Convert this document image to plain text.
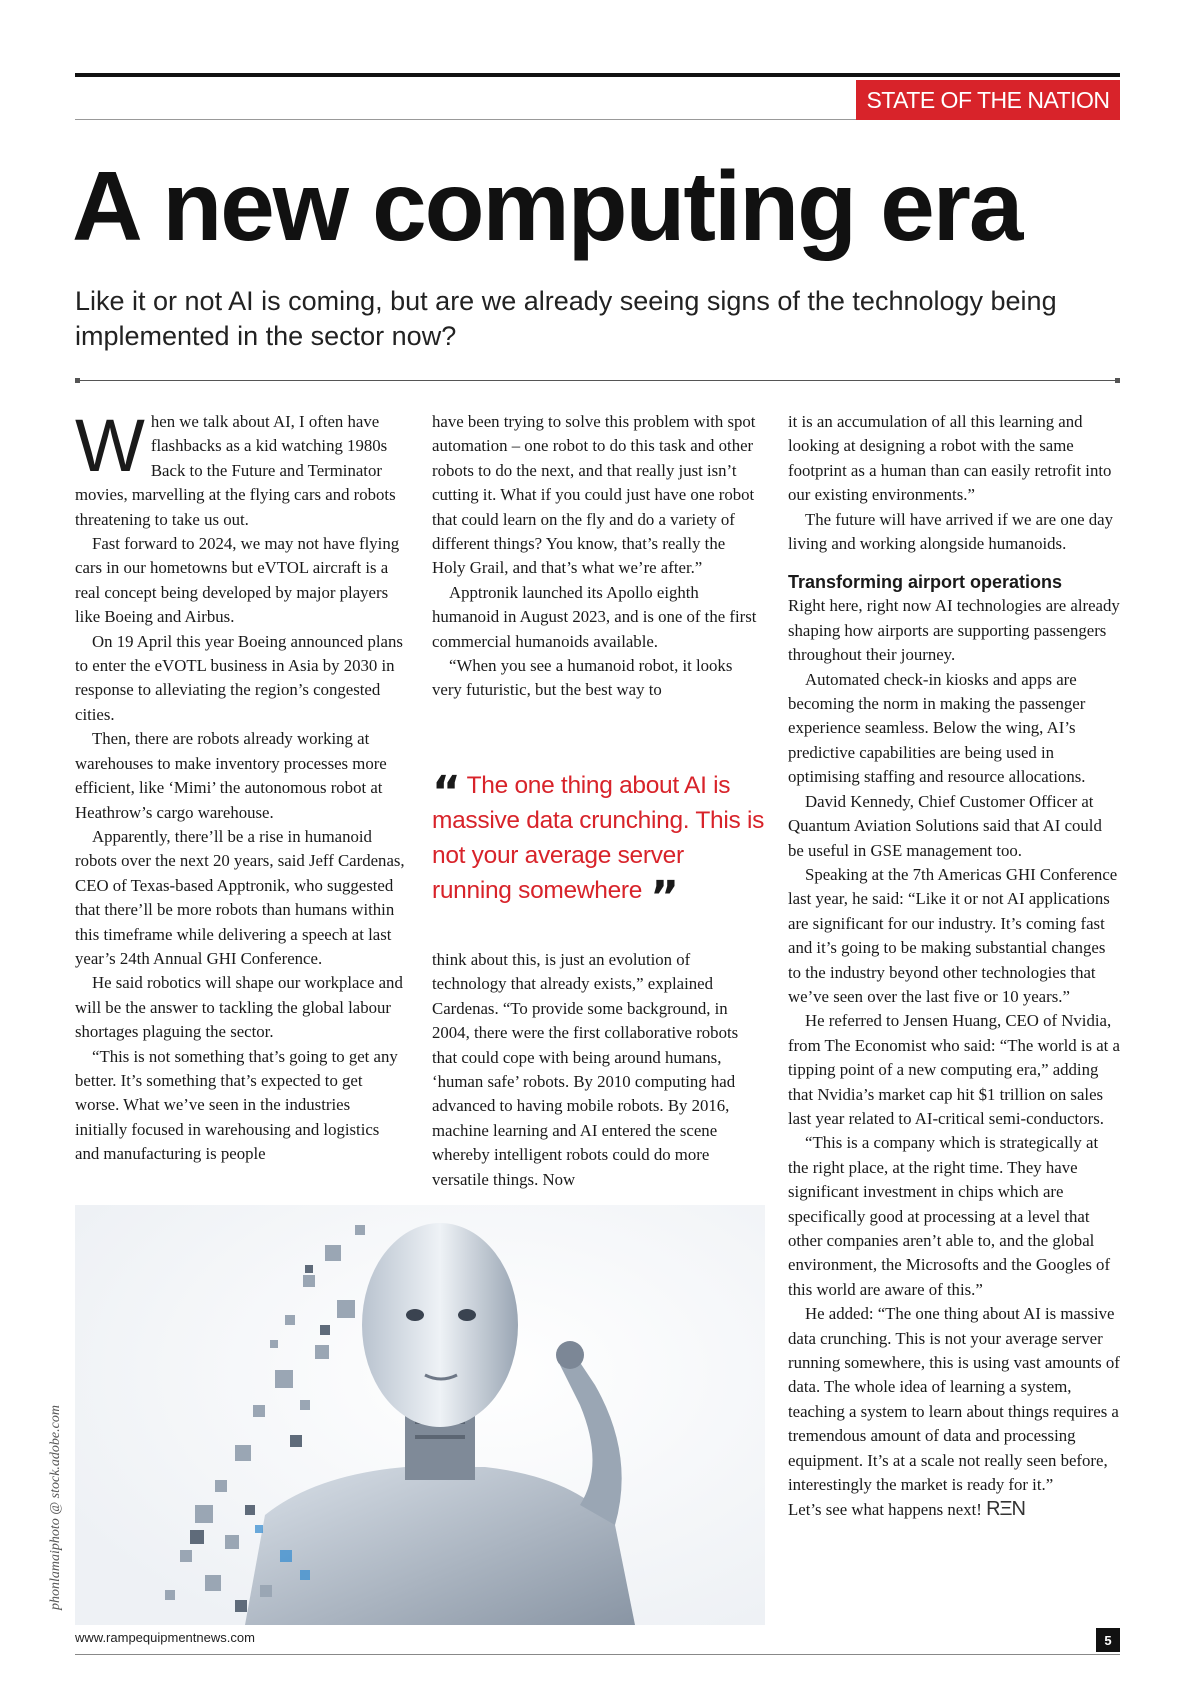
STATE OF THE NATION
A new computing era

Like it or not AI is coming, but are we already seeing signs of the technology being implemented in the sector now?

When we talk about AI, I often have flashbacks as a kid watching 1980s Back to the Future and Terminator movies, marvelling at the flying cars and robots threatening to take us out.

Fast forward to 2024, we may not have flying cars in our hometowns but eVTOL aircraft is a real concept being developed by major players like Boeing and Airbus.

On 19 April this year Boeing announced plans to enter the eVOTL business in Asia by 2030 in response to alleviating the region’s congested cities.

Then, there are robots already working at warehouses to make inventory processes more efficient, like ‘Mimi’ the autonomous robot at Heathrow’s cargo warehouse.

Apparently, there’ll be a rise in humanoid robots over the next 20 years, said Jeff Cardenas, CEO of Texas-based Apptronik, who suggested that there’ll be more robots than humans within this timeframe while delivering a speech at last year’s 24th Annual GHI Conference.

He said robotics will shape our workplace and will be the answer to tackling the global labour shortages plaguing the sector.

“This is not something that’s going to get any better. It’s something that’s expected to get worse. What we’ve seen in the industries initially focused in warehousing and logistics and manufacturing is people

have been trying to solve this problem with spot automation – one robot to do this task and other robots to do the next, and that really just isn’t cutting it. What if you could just have one robot that could learn on the fly and do a variety of different things? You know, that’s really the Holy Grail, and that’s what we’re after.”

Apptronik launched its Apollo eighth humanoid in August 2023, and is one of the first commercial humanoids available.

“When you see a humanoid robot, it looks very futuristic, but the best way to

“ The one thing about AI is massive data crunching. This is not your average server running somewhere ”

think about this, is just an evolution of technology that already exists,” explained Cardenas. “To provide some background, in 2004, there were the first collaborative robots that could cope with being around humans, ‘human safe’ robots. By 2010 computing had advanced to having mobile robots. By 2016, machine learning and AI entered the scene whereby intelligent robots could do more versatile things. Now

it is an accumulation of all this learning and looking at designing a robot with the same footprint as a human than can easily retrofit into our existing environments.”

The future will have arrived if we are one day living and working alongside humanoids.

Transforming airport operations

Right here, right now AI technologies are already shaping how airports are supporting passengers throughout their journey.

Automated check-in kiosks and apps are becoming the norm in making the passenger experience seamless. Below the wing, AI’s predictive capabilities are being used in optimising staffing and resource allocations.

David Kennedy, Chief Customer Officer at Quantum Aviation Solutions said that AI could be useful in GSE management too.

Speaking at the 7th Americas GHI Conference last year, he said: “Like it or not AI applications are significant for our industry. It’s coming fast and it’s going to be making substantial changes to the industry beyond other technologies that we’ve seen over the last five or 10 years.”

He referred to Jensen Huang, CEO of Nvidia, from The Economist who said: “The world is at a tipping point of a new computing era,” adding that Nvidia’s market cap hit $1 trillion on sales last year related to AI-critical semi-conductors.

“This is a company which is strategically at the right place, at the right time. They have significant investment in chips which are specifically good at processing at a level that other companies aren’t able to, and the global environment, the Microsofts and the Googles of this world are aware of this.”

He added: “The one thing about AI is massive data crunching. This is not your average server running somewhere, this is using vast amounts of data. The whole idea of learning a system, teaching a system to learn about things requires a tremendous amount of data and processing equipment. It’s at a scale not really seen before, interestingly the market is ready for it.”

Let’s see what happens next! RΞN

phonlamaiphoto @ stock.adobe.com
www.rampequipmentnews.com	5
